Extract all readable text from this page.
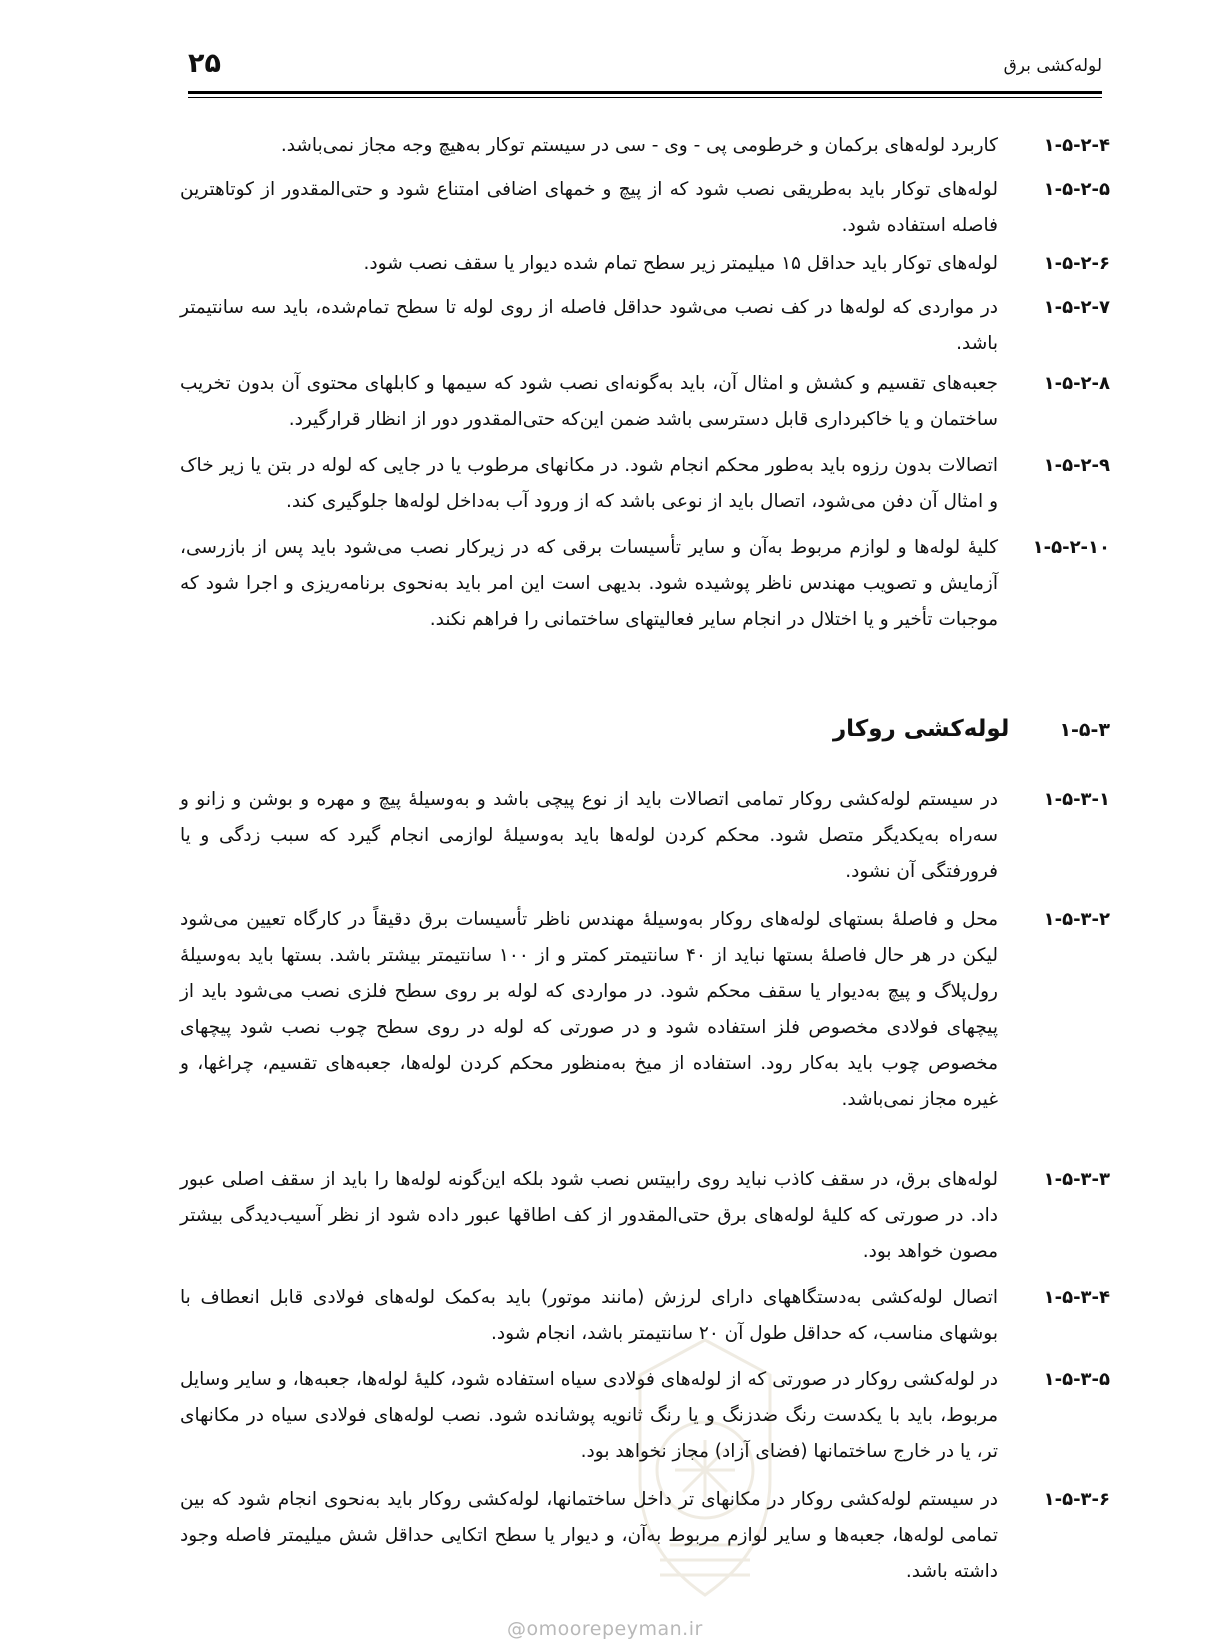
لوله‌کشی برق
۲۵
۱-۵-۲-۴
کاربرد لوله‌های برکمان و خرطومی پی - وی - سی در سیستم توکار به‌هیچ وجه مجاز نمی‌باشد.
۱-۵-۲-۵
لوله‌های توکار باید به‌طریقی نصب شود که از پیچ و خمهای اضافی امتناع شود و حتی‌المقدور از کوتاهترین فاصله استفاده شود.
۱-۵-۲-۶
لوله‌های توکار باید حداقل ۱۵ میلیمتر زیر سطح تمام شده دیوار یا سقف نصب شود.
۱-۵-۲-۷
در مواردی که لوله‌ها در کف نصب می‌شود حداقل فاصله از روی لوله تا سطح تمام‌شده، باید سه سانتیمتر باشد.
۱-۵-۲-۸
جعبه‌های تقسیم و کشش و امثال آن، باید به‌گونه‌ای نصب شود که سیمها و کابلهای محتوی آن بدون تخریب ساختمان و یا خاکبرداری قابل دسترسی باشد ضمن این‌که حتی‌المقدور دور از انظار قرار‌گیرد.
۱-۵-۲-۹
اتصالات بدون رزوه باید به‌طور محکم انجام شود. در مکانهای مرطوب یا در جایی که لوله در بتن یا زیر خاک و امثال آن دفن می‌شود، اتصال باید از نوعی باشد که از ورود آب به‌داخل لوله‌ها جلوگیری کند.
۱-۵-۲-۱۰
کلیهٔ لوله‌ها و لوازم مربوط به‌آن و سایر تأسیسات برقی که در زیرکار نصب می‌شود باید پس از بازرسی، آزمایش و تصویب مهندس ناظر پوشیده شود. بدیهی است این امر باید به‌نحوی برنامه‌ریزی و اجرا شود که موجبات تأخیر و یا اختلال در انجام سایر فعالیتهای ساختمانی را فراهم نکند.
۱-۵-۳
لوله‌کشی روکار
۱-۵-۳-۱
در سیستم لوله‌کشی روکار تمامی اتصالات باید از نوع پیچی باشد و به‌وسیلهٔ پیچ و مهره و بوشن و زانو و سه‌راه به‌یکدیگر متصل شود. محکم کردن لوله‌ها باید به‌وسیلهٔ لوازمی انجام گیرد که سبب زدگی و یا فرورفتگی آن نشود.
۱-۵-۳-۲
محل و فاصلهٔ بستهای لوله‌های روکار به‌وسیلهٔ مهندس ناظر تأسیسات برق دقیقاً در کارگاه تعیین می‌شود لیکن در هر حال فاصلهٔ بستها نباید از ۴۰ سانتیمتر کمتر و از ۱۰۰ سانتیمتر بیشتر باشد. بستها باید به‌وسیلهٔ رول‌پلاگ و پیچ به‌دیوار یا سقف محکم شود. در مواردی که لوله بر روی سطح فلزی نصب می‌شود باید از پیچهای فولادی مخصوص فلز استفاده شود و در صورتی که لوله در روی سطح چوب نصب شود پیچهای مخصوص چوب باید به‌کار رود. استفاده از میخ به‌منظور محکم کردن لوله‌ها، جعبه‌های تقسیم، چراغها، و غیره مجاز نمی‌باشد.
۱-۵-۳-۳
لوله‌های برق، در سقف کاذب نباید روی رابیتس نصب شود بلکه این‌گونه لوله‌ها را باید از سقف اصلی عبور داد. در صورتی که کلیهٔ لوله‌های برق حتی‌المقدور از کف اطاقها عبور داده شود از نظر آسیب‌دیدگی بیشتر مصون خواهد بود.
۱-۵-۳-۴
اتصال لوله‌کشی به‌دستگاههای دارای لرزش (مانند موتور) باید به‌کمک لوله‌های فولادی قابل انعطاف با بوشهای مناسب، که حداقل طول آن ۲۰ سانتیمتر باشد، انجام شود.
۱-۵-۳-۵
در لوله‌کشی روکار در صورتی که از لوله‌های فولادی سیاه استفاده شود، کلیهٔ لوله‌ها، جعبه‌ها، و سایر وسایل مربوط، باید با یکدست رنگ ضدزنگ و یا رنگ ثانویه پوشانده شود. نصب لوله‌های فولادی سیاه در مکانهای تر، یا در خارج ساختمانها (فضای آزاد) مجاز نخواهد بود.
۱-۵-۳-۶
در سیستم لوله‌کشی روکار در مکانهای تر داخل ساختمانها، لوله‌کشی روکار باید به‌نحوی انجام شود که بین تمامی لوله‌ها، جعبه‌ها و سایر لوازم مربوط به‌آن، و دیوار یا سطح اتکایی حداقل شش میلیمتر فاصله وجود داشته باشد.
@omoorepeyman.ir
